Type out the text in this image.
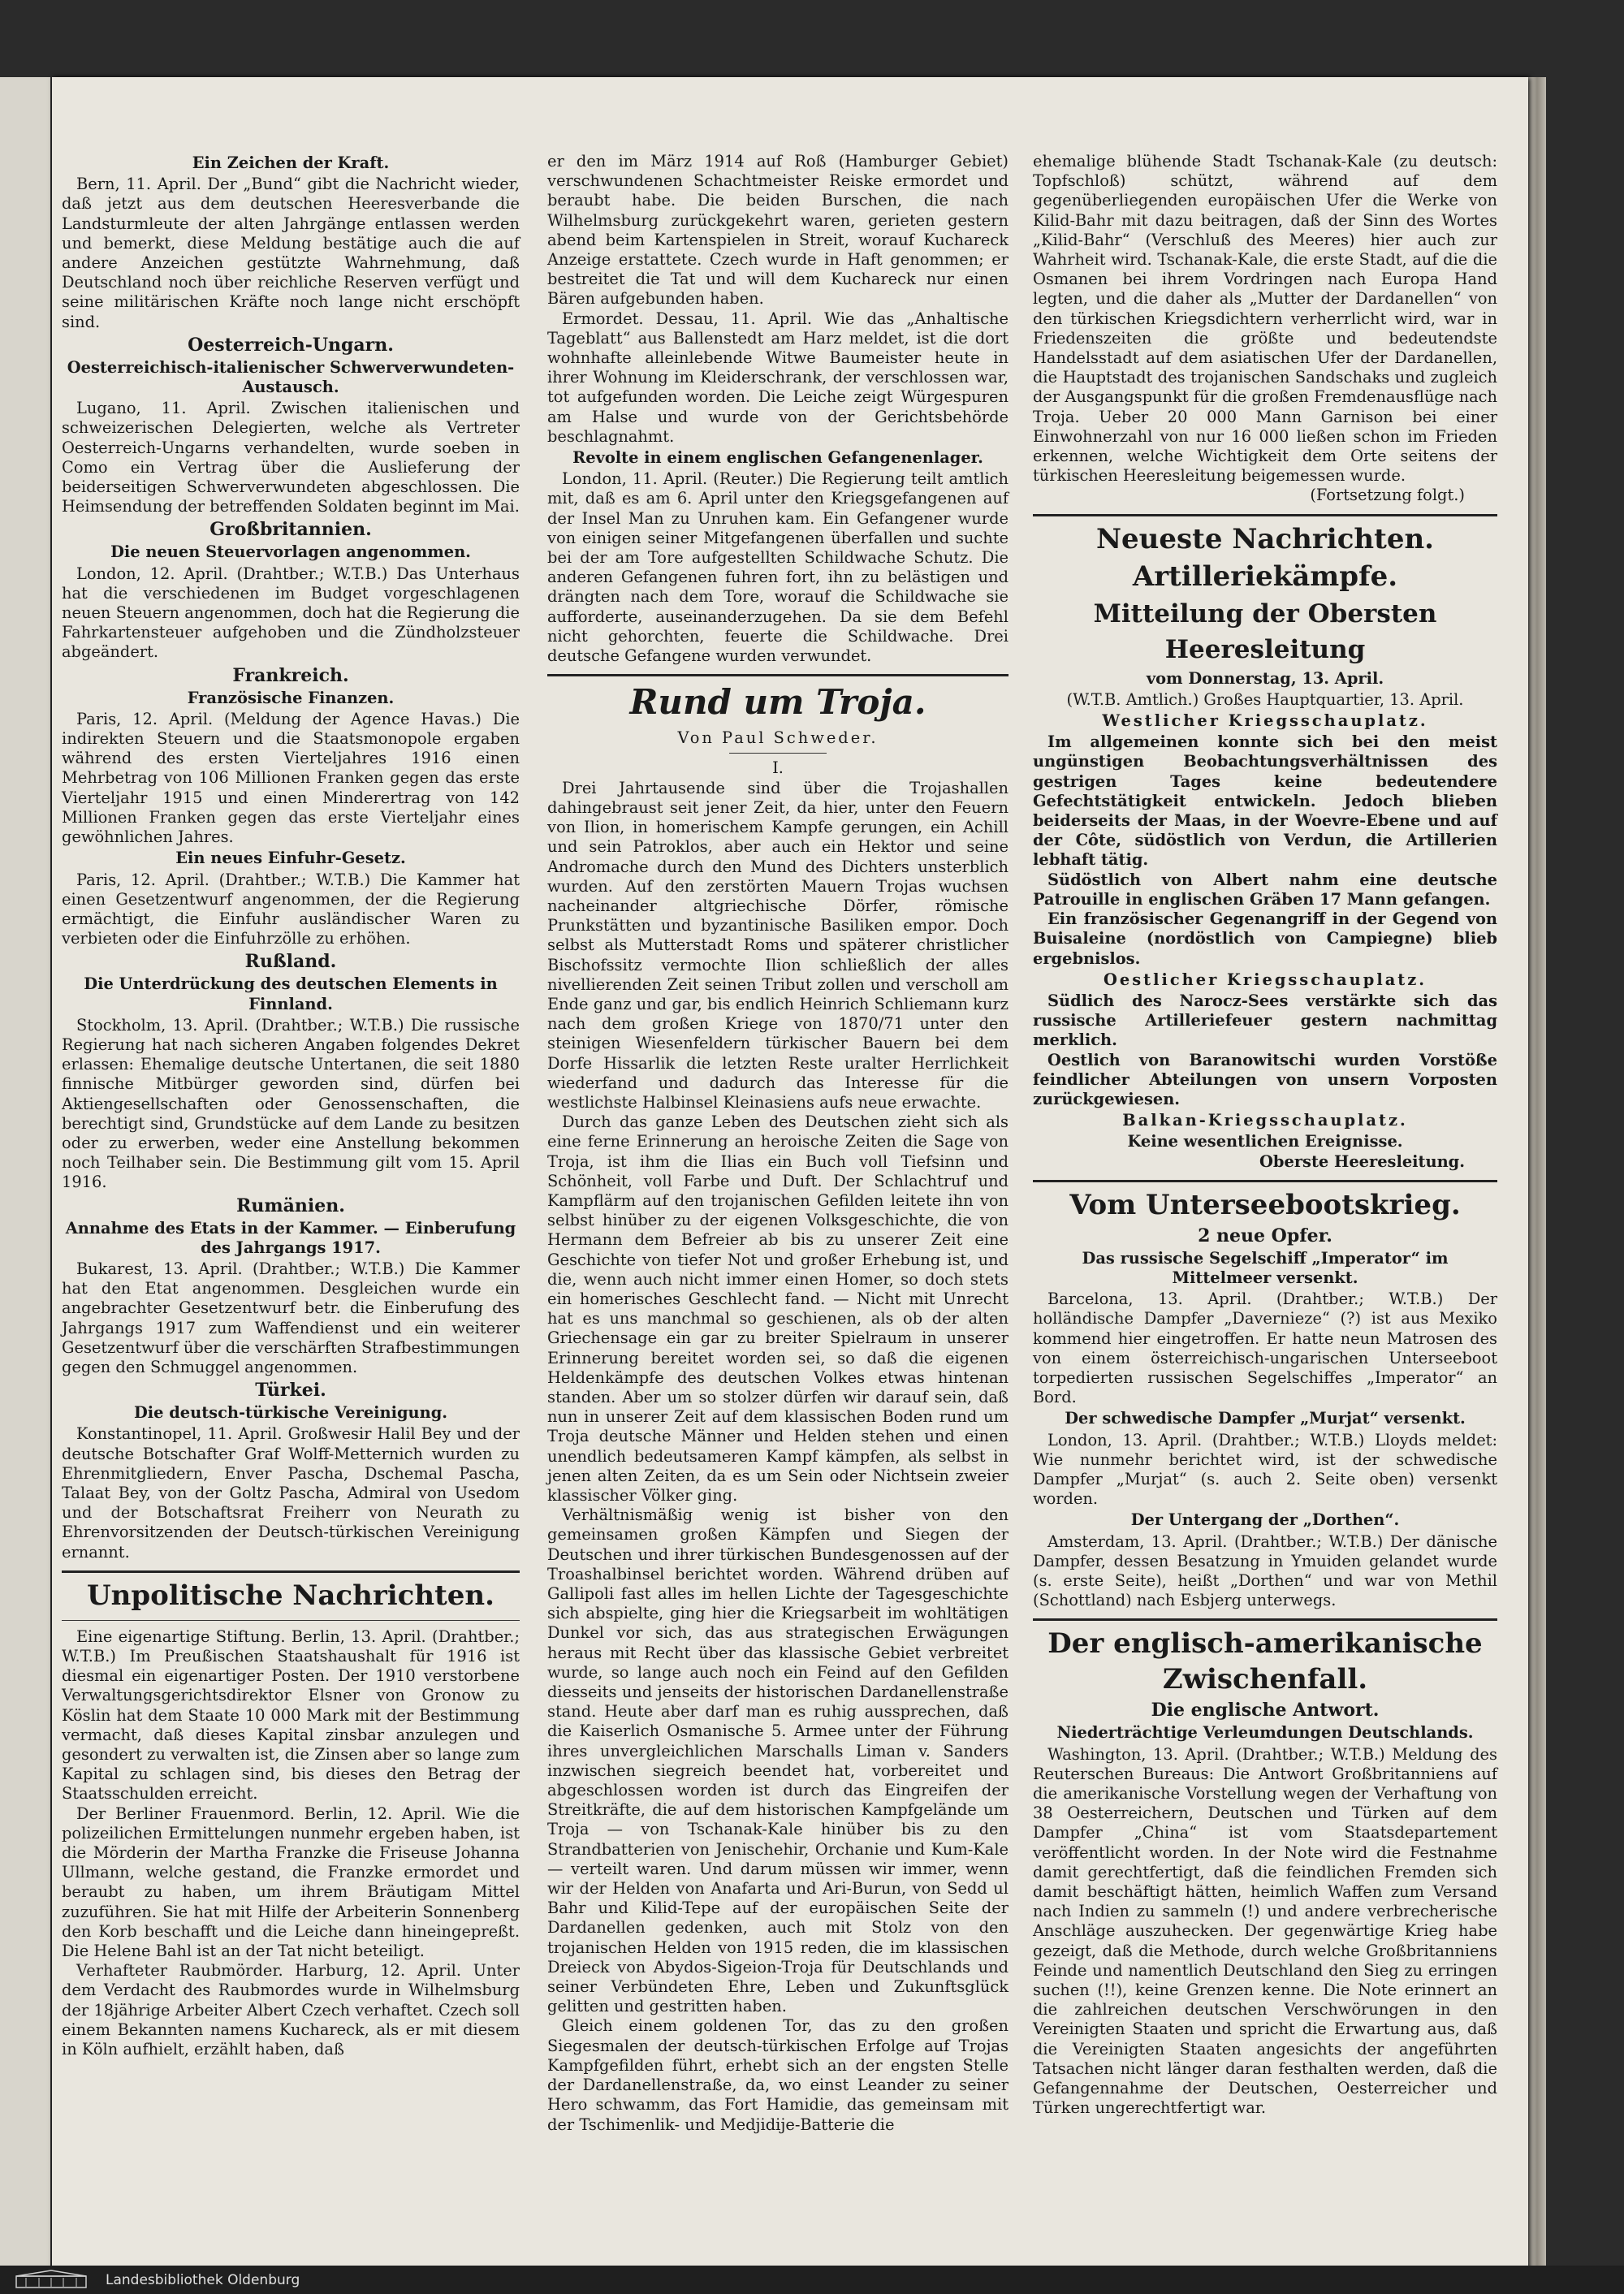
Ein Zeichen der Kraft.

Bern, 11. April. Der „Bund“ gibt die Nachricht wieder, daß jetzt aus dem deutschen Heeresverbande die Landsturmleute der alten Jahrgänge entlassen werden und bemerkt, diese Meldung bestätige auch die auf andere Anzeichen gestützte Wahrnehmung, daß Deutschland noch über reichliche Reserven verfügt und seine militärischen Kräfte noch lange nicht erschöpft sind.

Oesterreich-Ungarn.
Oesterreichisch-italienischer Schwerverwundeten-Austausch.

Lugano, 11. April. Zwischen italienischen und schweizerischen Delegierten, welche als Vertreter Oesterreich-Ungarns verhandelten, wurde soeben in Como ein Vertrag über die Auslieferung der beiderseitigen Schwerverwundeten abgeschlossen. Die Heimsendung der betreffenden Soldaten beginnt im Mai.

Großbritannien.
Die neuen Steuervorlagen angenommen.

London, 12. April. (Drahtber.; W.T.B.) Das Unterhaus hat die verschiedenen im Budget vorgeschlagenen neuen Steuern angenommen, doch hat die Regierung die Fahrkartensteuer aufgehoben und die Zündholzsteuer abgeändert.

Frankreich.
Französische Finanzen.

Paris, 12. April. (Meldung der Agence Havas.) Die indirekten Steuern und die Staatsmonopole ergaben während des ersten Vierteljahres 1916 einen Mehrbetrag von 106 Millionen Franken gegen das erste Vierteljahr 1915 und einen Minderertrag von 142 Millionen Franken gegen das erste Vierteljahr eines gewöhnlichen Jahres.

Ein neues Einfuhr-Gesetz.

Paris, 12. April. (Drahtber.; W.T.B.) Die Kammer hat einen Gesetzentwurf angenommen, der die Regierung ermächtigt, die Einfuhr ausländischer Waren zu verbieten oder die Einfuhrzölle zu erhöhen.

Rußland.
Die Unterdrückung des deutschen Elements in Finnland.

Stockholm, 13. April. (Drahtber.; W.T.B.) Die russische Regierung hat nach sicheren Angaben folgendes Dekret erlassen: Ehemalige deutsche Untertanen, die seit 1880 finnische Mitbürger geworden sind, dürfen bei Aktiengesellschaften oder Genossenschaften, die berechtigt sind, Grundstücke auf dem Lande zu besitzen oder zu erwerben, weder eine Anstellung bekommen noch Teilhaber sein. Die Bestimmung gilt vom 15. April 1916.

Rumänien.
Annahme des Etats in der Kammer. — Einberufung des Jahrgangs 1917.

Bukarest, 13. April. (Drahtber.; W.T.B.) Die Kammer hat den Etat angenommen. Desgleichen wurde ein angebrachter Gesetzentwurf betr. die Einberufung des Jahrgangs 1917 zum Waffendienst und ein weiterer Gesetzentwurf über die verschärften Strafbestimmungen gegen den Schmuggel angenommen.

Türkei.
Die deutsch-türkische Vereinigung.

Konstantinopel, 11. April. Großwesir Halil Bey und der deutsche Botschafter Graf Wolff-Metternich wurden zu Ehrenmitgliedern, Enver Pascha, Dschemal Pascha, Talaat Bey, von der Goltz Pascha, Admiral von Usedom und der Botschaftsrat Freiherr von Neurath zu Ehrenvorsitzenden der Deutsch-türkischen Vereinigung ernannt.

Unpolitische Nachrichten.

Eine eigenartige Stiftung. Berlin, 13. April. (Drahtber.; W.T.B.) Im Preußischen Staatshaushalt für 1916 ist diesmal ein eigenartiger Posten. Der 1910 verstorbene Verwaltungsgerichtsdirektor Elsner von Gronow zu Köslin hat dem Staate 10 000 Mark mit der Bestimmung vermacht, daß dieses Kapital zinsbar anzulegen und gesondert zu verwalten ist, die Zinsen aber so lange zum Kapital zu schlagen sind, bis dieses den Betrag der Staatsschulden erreicht.

Der Berliner Frauenmord. Berlin, 12. April. Wie die polizeilichen Ermittelungen nunmehr ergeben haben, ist die Mörderin der Martha Franzke die Friseuse Johanna Ullmann, welche gestand, die Franzke ermordet und beraubt zu haben, um ihrem Bräutigam Mittel zuzuführen. Sie hat mit Hilfe der Arbeiterin Sonnenberg den Korb beschafft und die Leiche dann hineingepreßt. Die Helene Bahl ist an der Tat nicht beteiligt.

Verhafteter Raubmörder. Harburg, 12. April. Unter dem Verdacht des Raubmordes wurde in Wilhelmsburg der 18jährige Arbeiter Albert Czech verhaftet. Czech soll einem Bekannten namens Kuchareck, als er mit diesem in Köln aufhielt, erzählt haben, daß

er den im März 1914 auf Roß (Hamburger Gebiet) verschwundenen Schachtmeister Reiske ermordet und beraubt habe. Die beiden Burschen, die nach Wilhelmsburg zurückgekehrt waren, gerieten gestern abend beim Kartenspielen in Streit, worauf Kuchareck Anzeige erstattete. Czech wurde in Haft genommen; er bestreitet die Tat und will dem Kuchareck nur einen Bären aufgebunden haben.

Ermordet. Dessau, 11. April. Wie das „Anhaltische Tageblatt“ aus Ballenstedt am Harz meldet, ist die dort wohnhafte alleinlebende Witwe Baumeister heute in ihrer Wohnung im Kleiderschrank, der verschlossen war, tot aufgefunden worden. Die Leiche zeigt Würgespuren am Halse und wurde von der Gerichtsbehörde beschlagnahmt.

Revolte in einem englischen Gefangenenlager.

London, 11. April. (Reuter.) Die Regierung teilt amtlich mit, daß es am 6. April unter den Kriegsgefangenen auf der Insel Man zu Unruhen kam. Ein Gefangener wurde von einigen seiner Mitgefangenen überfallen und suchte bei der am Tore aufgestellten Schildwache Schutz. Die anderen Gefangenen fuhren fort, ihn zu belästigen und drängten nach dem Tore, worauf die Schildwache sie aufforderte, auseinanderzugehen. Da sie dem Befehl nicht gehorchten, feuerte die Schildwache. Drei deutsche Gefangene wurden verwundet.

Rund um Troja.
Von Paul Schweder.
I.

Drei Jahrtausende sind über die Trojashallen dahingebraust seit jener Zeit, da hier, unter den Feuern von Ilion, in homerischem Kampfe gerungen, ein Achill und sein Patroklos, aber auch ein Hektor und seine Andromache durch den Mund des Dichters unsterblich wurden. Auf den zerstörten Mauern Trojas wuchsen nacheinander altgriechische Dörfer, römische Prunkstätten und byzantinische Basiliken empor. Doch selbst als Mutterstadt Roms und späterer christlicher Bischofssitz vermochte Ilion schließlich der alles nivellierenden Zeit seinen Tribut zollen und verscholl am Ende ganz und gar, bis endlich Heinrich Schliemann kurz nach dem großen Kriege von 1870/71 unter den steinigen Wiesenfeldern türkischer Bauern bei dem Dorfe Hissarlik die letzten Reste uralter Herrlichkeit wiederfand und dadurch das Interesse für die westlichste Halbinsel Kleinasiens aufs neue erwachte.

Durch das ganze Leben des Deutschen zieht sich als eine ferne Erinnerung an heroische Zeiten die Sage von Troja, ist ihm die Ilias ein Buch voll Tiefsinn und Schönheit, voll Farbe und Duft. Der Schlachtruf und Kampflärm auf den trojanischen Gefilden leitete ihn von selbst hinüber zu der eigenen Volksgeschichte, die von Hermann dem Befreier ab bis zu unserer Zeit eine Geschichte von tiefer Not und großer Erhebung ist, und die, wenn auch nicht immer einen Homer, so doch stets ein homerisches Geschlecht fand. — Nicht mit Unrecht hat es uns manchmal so geschienen, als ob der alten Griechensage ein gar zu breiter Spielraum in unserer Erinnerung bereitet worden sei, so daß die eigenen Heldenkämpfe des deutschen Volkes etwas hintenan standen. Aber um so stolzer dürfen wir darauf sein, daß nun in unserer Zeit auf dem klassischen Boden rund um Troja deutsche Männer und Helden stehen und einen unendlich bedeutsameren Kampf kämpfen, als selbst in jenen alten Zeiten, da es um Sein oder Nichtsein zweier klassischer Völker ging.

Verhältnismäßig wenig ist bisher von den gemeinsamen großen Kämpfen und Siegen der Deutschen und ihrer türkischen Bundesgenossen auf der Troashalbinsel berichtet worden. Während drüben auf Gallipoli fast alles im hellen Lichte der Tagesgeschichte sich abspielte, ging hier die Kriegsarbeit im wohltätigen Dunkel vor sich, das aus strategischen Erwägungen heraus mit Recht über das klassische Gebiet verbreitet wurde, so lange auch noch ein Feind auf den Gefilden diesseits und jenseits der historischen Dardanellenstraße stand. Heute aber darf man es ruhig aussprechen, daß die Kaiserlich Osmanische 5. Armee unter der Führung ihres unvergleichlichen Marschalls Liman v. Sanders inzwischen siegreich beendet hat, vorbereitet und abgeschlossen worden ist durch das Eingreifen der Streitkräfte, die auf dem historischen Kampfgelände um Troja — von Tschanak-Kale hinüber bis zu den Strandbatterien von Jenischehir, Orchanie und Kum-Kale — verteilt waren. Und darum müssen wir immer, wenn wir der Helden von Anafarta und Ari-Burun, von Sedd ul Bahr und Kilid-Tepe auf der europäischen Seite der Dardanellen gedenken, auch mit Stolz von den trojanischen Helden von 1915 reden, die im klassischen Dreieck von Abydos-Sigeion-Troja für Deutschlands und seiner Verbündeten Ehre, Leben und Zukunftsglück gelitten und gestritten haben.

Gleich einem goldenen Tor, das zu den großen Siegesmalen der deutsch-türkischen Erfolge auf Trojas Kampfgefilden führt, erhebt sich an der engsten Stelle der Dardanellenstraße, da, wo einst Leander zu seiner Hero schwamm, das Fort Hamidie, das gemeinsam mit der Tschimenlik- und Medjidije-Batterie die

ehemalige blühende Stadt Tschanak-Kale (zu deutsch: Topfschloß) schützt, während auf dem gegenüberliegenden europäischen Ufer die Werke von Kilid-Bahr mit dazu beitragen, daß der Sinn des Wortes „Kilid-Bahr“ (Verschluß des Meeres) hier auch zur Wahrheit wird. Tschanak-Kale, die erste Stadt, auf die die Osmanen bei ihrem Vordringen nach Europa Hand legten, und die daher als „Mutter der Dardanellen“ von den türkischen Kriegsdichtern verherrlicht wird, war in Friedenszeiten die größte und bedeutendste Handelsstadt auf dem asiatischen Ufer der Dardanellen, die Hauptstadt des trojanischen Sandschaks und zugleich der Ausgangspunkt für die großen Fremdenausflüge nach Troja. Ueber 20 000 Mann Garnison bei einer Einwohnerzahl von nur 16 000 ließen schon im Frieden erkennen, welche Wichtigkeit dem Orte seitens der türkischen Heeresleitung beigemessen wurde.

(Fortsetzung folgt.)
Neueste Nachrichten.
Artilleriekämpfe.
Mitteilung der Obersten Heeresleitung
vom Donnerstag, 13. April.

(W.T.B. Amtlich.) Großes Hauptquartier, 13. April.

Westlicher Kriegsschauplatz.

Im allgemeinen konnte sich bei den meist ungünstigen Beobachtungsverhältnissen des gestrigen Tages keine bedeutendere Gefechtstätigkeit entwickeln. Jedoch blieben beiderseits der Maas, in der Woevre-Ebene und auf der Côte, südöstlich von Verdun, die Artillerien lebhaft tätig.

Südöstlich von Albert nahm eine deutsche Patrouille in englischen Gräben 17 Mann gefangen.

Ein französischer Gegenangriff in der Gegend von Buisaleine (nordöstlich von Campiegne) blieb ergebnislos.

Oestlicher Kriegsschauplatz.

Südlich des Narocz-Sees verstärkte sich das russische Artilleriefeuer gestern nachmittag merklich.

Oestlich von Baranowitschi wurden Vorstöße feindlicher Abteilungen von unsern Vorposten zurückgewiesen.

Balkan-Kriegsschauplatz.

Keine wesentlichen Ereignisse.

Oberste Heeresleitung.
Vom Unterseebootskrieg.
2 neue Opfer.
Das russische Segelschiff „Imperator“ im Mittelmeer versenkt.

Barcelona, 13. April. (Drahtber.; W.T.B.) Der holländische Dampfer „Davernieze“ (?) ist aus Mexiko kommend hier eingetroffen. Er hatte neun Matrosen des von einem österreichisch-ungarischen Unterseeboot torpedierten russischen Segelschiffes „Imperator“ an Bord.

Der schwedische Dampfer „Murjat“ versenkt.

London, 13. April. (Drahtber.; W.T.B.) Lloyds meldet: Wie nunmehr berichtet wird, ist der schwedische Dampfer „Murjat“ (s. auch 2. Seite oben) versenkt worden.

Der Untergang der „Dorthen“.

Amsterdam, 13. April. (Drahtber.; W.T.B.) Der dänische Dampfer, dessen Besatzung in Ymuiden gelandet wurde (s. erste Seite), heißt „Dorthen“ und war von Methil (Schottland) nach Esbjerg unterwegs.

Der englisch-amerikanische Zwischenfall.
Die englische Antwort.
Niederträchtige Verleumdungen Deutschlands.

Washington, 13. April. (Drahtber.; W.T.B.) Meldung des Reuterschen Bureaus: Die Antwort Großbritanniens auf die amerikanische Vorstellung wegen der Verhaftung von 38 Oesterreichern, Deutschen und Türken auf dem Dampfer „China“ ist vom Staatsdepartement veröffentlicht worden. In der Note wird die Festnahme damit gerechtfertigt, daß die feindlichen Fremden sich damit beschäftigt hätten, heimlich Waffen zum Versand nach Indien zu sammeln (!) und andere verbrecherische Anschläge auszuhecken. Der gegenwärtige Krieg habe gezeigt, daß die Methode, durch welche Großbritanniens Feinde und namentlich Deutschland den Sieg zu erringen suchen (!!), keine Grenzen kenne. Die Note erinnert an die zahlreichen deutschen Verschwörungen in den Vereinigten Staaten und spricht die Erwartung aus, daß die Vereinigten Staaten angesichts der angeführten Tatsachen nicht länger daran festhalten werden, daß die Gefangennahme der Deutschen, Oesterreicher und Türken ungerechtfertigt war.

Landesbibliothek Oldenburg
